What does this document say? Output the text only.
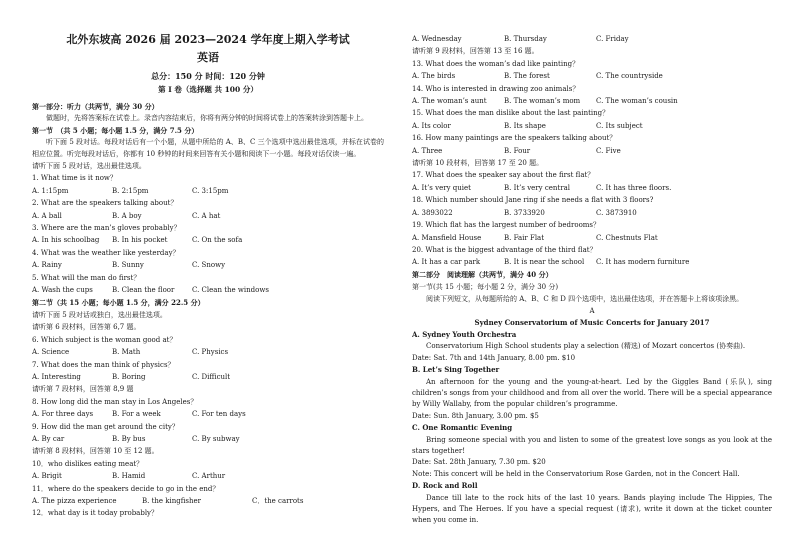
北外东坡高 2026 届 2023—2024 学年度上期入学考试
英语
总分：150 分 时间：120 分钟
第 I 卷（选择题 共 100 分）
第一部分：听力（共两节，满分 30 分）
做题时，先将答案标在试卷上。录音内容结束后，你将有两分钟的时间将试卷上的答案转涂到答题卡上。
第一节　（共 5 小题；每小题 1.5 分，满分 7.5 分）
听下面 5 段对话。每段对话后有一个小题，从题中所给的 A、B、C 三个选项中选出最佳选项，并标在试卷的相应位置。听完每段对话后，你都有 10 秒钟的时间来回答有关小题和阅读下一小题。每段对话仅读一遍。
请听下面 5 段对话，选出最佳选项。
1. What time is it now？
A. 1:15pm	B. 2:15pm	C. 3:15pm
2. What are the speakers talking about？
A. A ball	B. A boy	C. A hat
3. Where are the man’s gloves probably？
A. In his schoolbag	B. In his pocket	C. On the sofa
4. What was the weather like yesterday？
A. Rainy	B. Sunny	C. Snowy
5. What will the man do first？
A. Wash the cups	B. Clean the floor	C. Clean the windows
第二节（共 15 小题；每小题 1.5 分，满分 22.5 分）
请听下面 5 段对话或独白，选出最佳选项。
请听第 6 段材料，回答第 6,7 题。
6. Which subject is the woman good at？
A. Science	B. Math	C. Physics
7. What does the man think of physics？
A. Interesting	B. Boring	C. Difficult
请听第 7 段材料，回答第 8,9 题
8. How long did the man stay in Los Angeles？
A. For three days	B. For a week	C. For ten days
9. How did the man get around the city？
A. By car	B. By bus	C. By subway
请听第 8 段材料，回答第 10 至 12 题。
10．who dislikes eating meat？
A. Brigit	B. Hamid	C. Arthur
11．where do the speakers decide to go in the end？
A. The pizza experience	B. the kingfisher	C．the carrots
12．what day is it today probably？
A. Wednesday	B. Thursday	C. Friday
请听第 9 段材料，回答第 13 至 16 题。
13. What does the woman’s dad like painting？
A. The birds	B. The forest	C. The countryside
14. Who is interested in drawing zoo animals？
A. The woman’s aunt	B. The woman’s mom	C. The woman’s cousin
15. What does the man dislike about the last painting？
A. Its color	B. Its shape	C. Its subject
16. How many paintings are the speakers talking about？
A. Three	B. Four	C. Five
请听第 10 段材料，回答第 17 至 20 题。
17. What does the speaker say about the first flat？
A. It’s very quiet	B. It’s very central	C. It has three floors.
18. Which number should Jane ring if she needs a flat with 3 floors?
A. 3893022	B. 3733920	C. 3873910
19. Which flat has the largest number of bedrooms？
A. Mansfield House	B. Fair Flat	C. Chestnuts Flat
20. What is the biggest advantage of the third flat？
A. It has a car park	B. It is near the school	C. It has modern furniture
第二部分　阅读理解（共两节，满分 40 分）
第一节(共 15 小题；每小题 2 分，满分 30 分)
阅读下列短文，从每题所给的 A、B、C 和 D 四个选项中，选出最佳选项，并在答题卡上将该项涂黑。
A
Sydney Conservatorium of Music Concerts for January 2017
A. Sydney Youth Orchestra
Conservatorium High School students play a selection (精选) of Mozart concertos (协奏曲).
Date: Sat. 7th and 14th January, 8.00 pm. $10
B. Let’s Sing Together
An afternoon for the young and the young-at-heart. Led by the Giggles Band (乐队), sing children’s songs from your childhood and from all over the world. There will be a special appearance by Willy Wallaby, from the popular children’s programme.
Date: Sun. 8th January, 3.00 pm. $5
C. One Romantic Evening
Bring someone special with you and listen to some of the greatest love songs as you look at the stars together!
Date: Sat. 28th January, 7.30 pm. $20
Note: This concert will be held in the Conservatorium Rose Garden, not in the Concert Hall.
D. Rock and Roll
Dance till late to the rock hits of the last 10 years. Bands playing include The Hippies, The Hypers, and The Heroes. If you have a special request (请求), write it down at the ticket counter when you come in.
